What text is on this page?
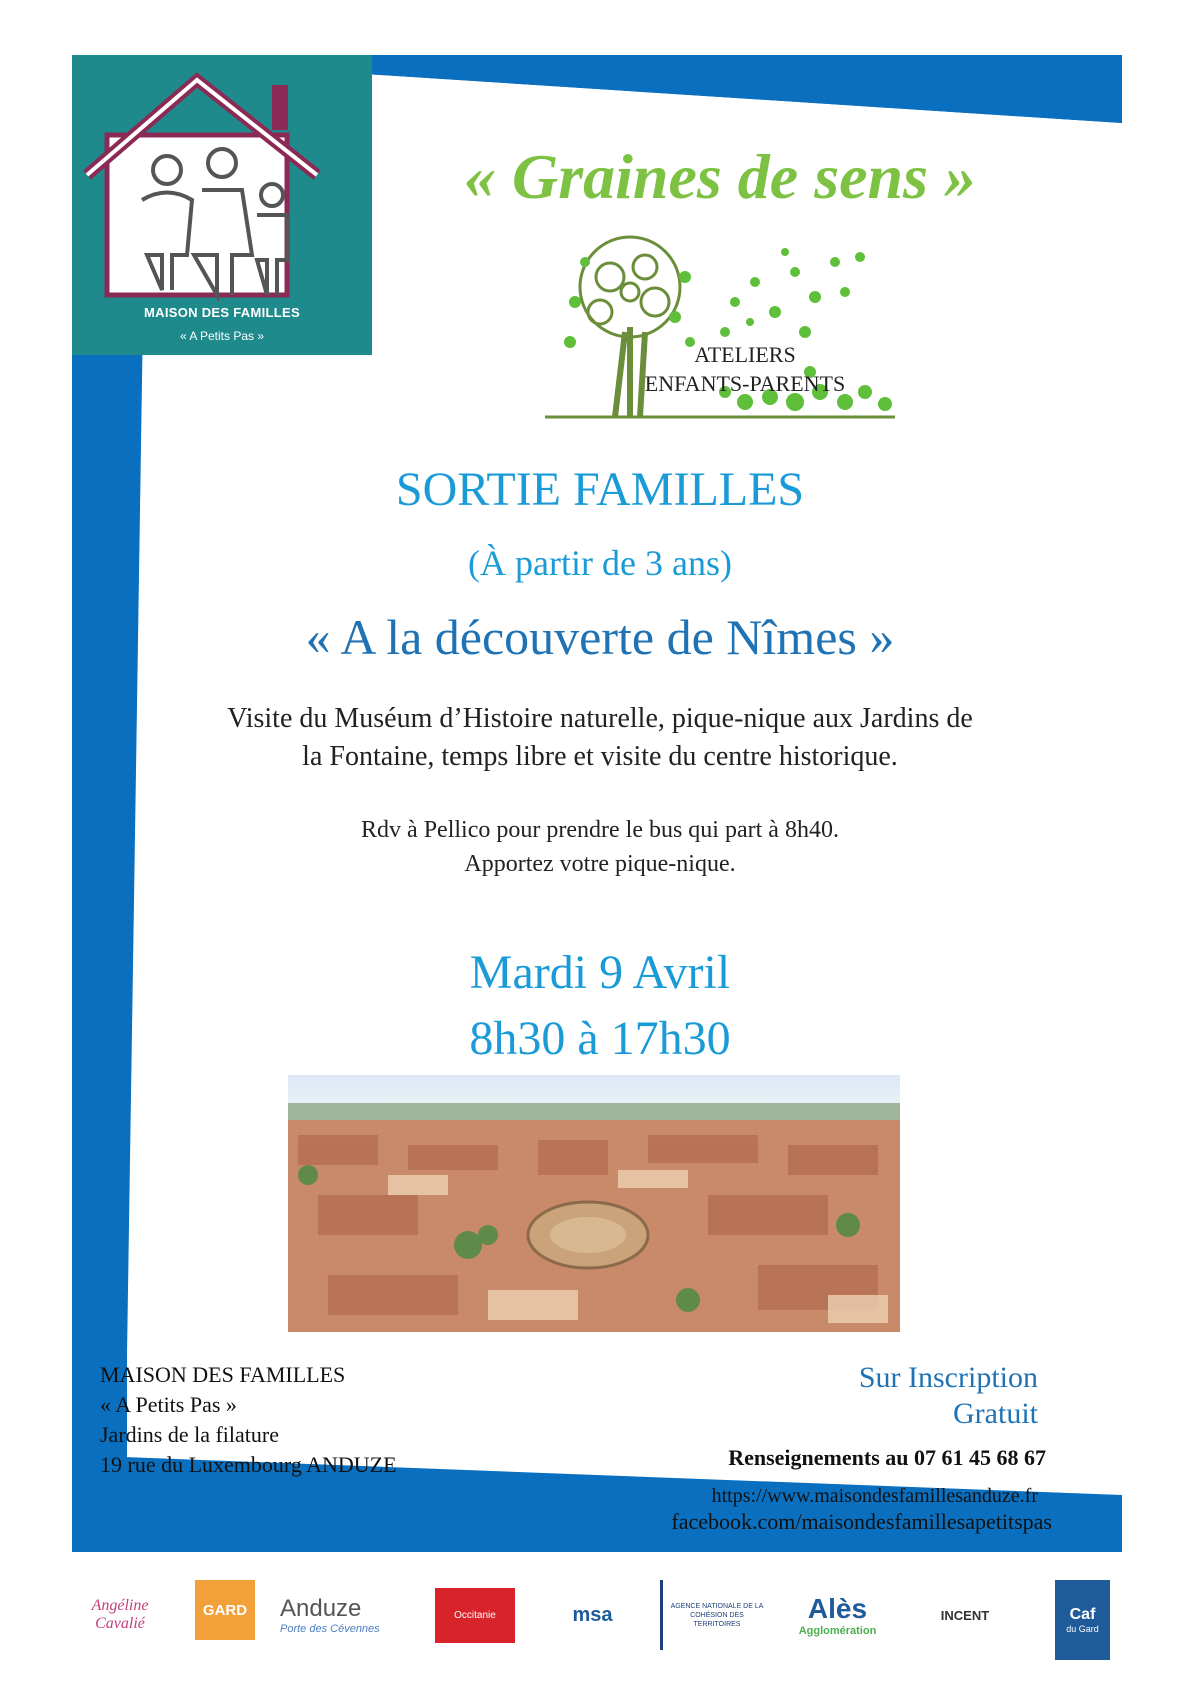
MAISON DES FAMILLES
« A Petits Pas »
« Graines de sens »
ATELIERS
ENFANTS-PARENTS
SORTIE FAMILLES
(À partir de 3 ans)
« A la découverte de Nîmes »
Visite du Muséum d’Histoire naturelle, pique-nique aux Jardins de
la Fontaine, temps libre et visite du centre historique.
Rdv à Pellico pour prendre le bus qui part à 8h40.
Apportez votre pique-nique.
Mardi 9 Avril
8h30 à 17h30
MAISON DES FAMILLES
« A Petits Pas »
Jardins de la filature
19 rue du Luxembourg ANDUZE
Sur Inscription
Gratuit
Renseignements au 07 61 45 68 67
https://www.maisondesfamillesanduze.fr
facebook.com/maisondesfamillesapetitspas
Angéline
Cavalié
GARD	Anduze
Porte des Cévennes
Occitanie	msa	AGENCE NATIONALE DE LA COHÉSION DES TERRITOIRES	Alès
Agglomération
INCENT	Caf
du Gard
